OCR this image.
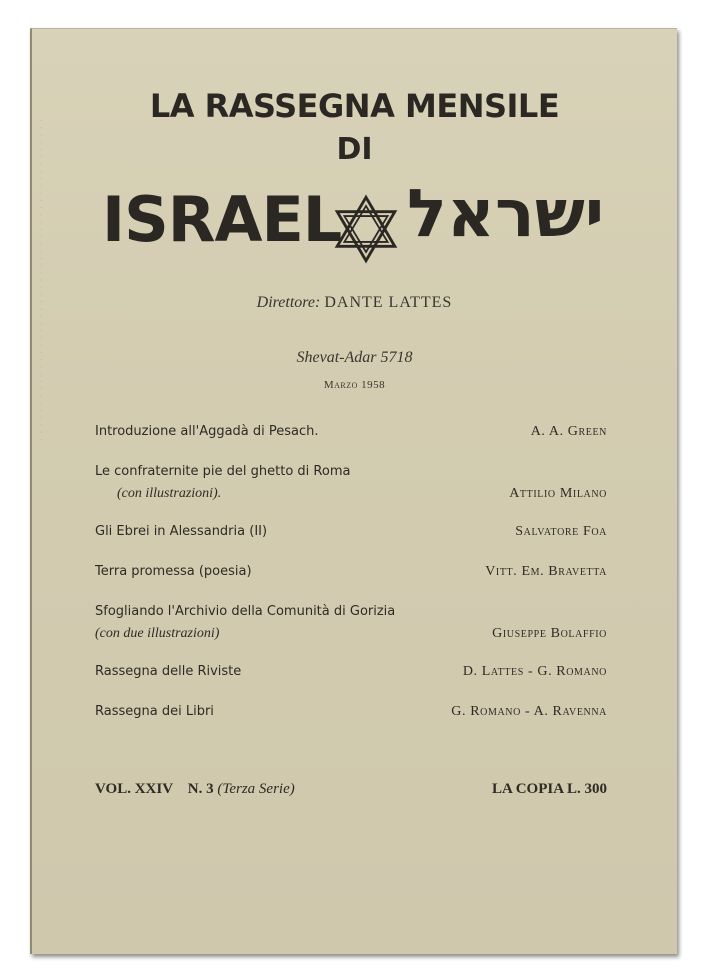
· · · · · · · · · · · · · · · · · · · · · · · · · · · · · · · · · · · · · · · · · · · · ·
LA RASSEGNA MENSILE
DI
ISRAEL ישראל
Direttore: DANTE LATTES
Shevat-Adar 5718
Marzo 1958
Introduzione all'Aggadà di Pesach.	A. A. Green
Le confraternite pie del ghetto di Roma
(con illustrazioni).	Attilio Milano
Gli Ebrei in Alessandria (II)	Salvatore Foa
Terra promessa (poesia)	Vitt. Em. Bravetta
Sfogliando l'Archivio della Comunità di Gorizia (con due illustrazioni)	Giuseppe Bolaffio
Rassegna delle Riviste	D. Lattes - G. Romano
Rassegna dei Libri	G. Romano - A. Ravenna
VOL. XXIV N. 3 (Terza Serie)	LA COPIA L. 300
